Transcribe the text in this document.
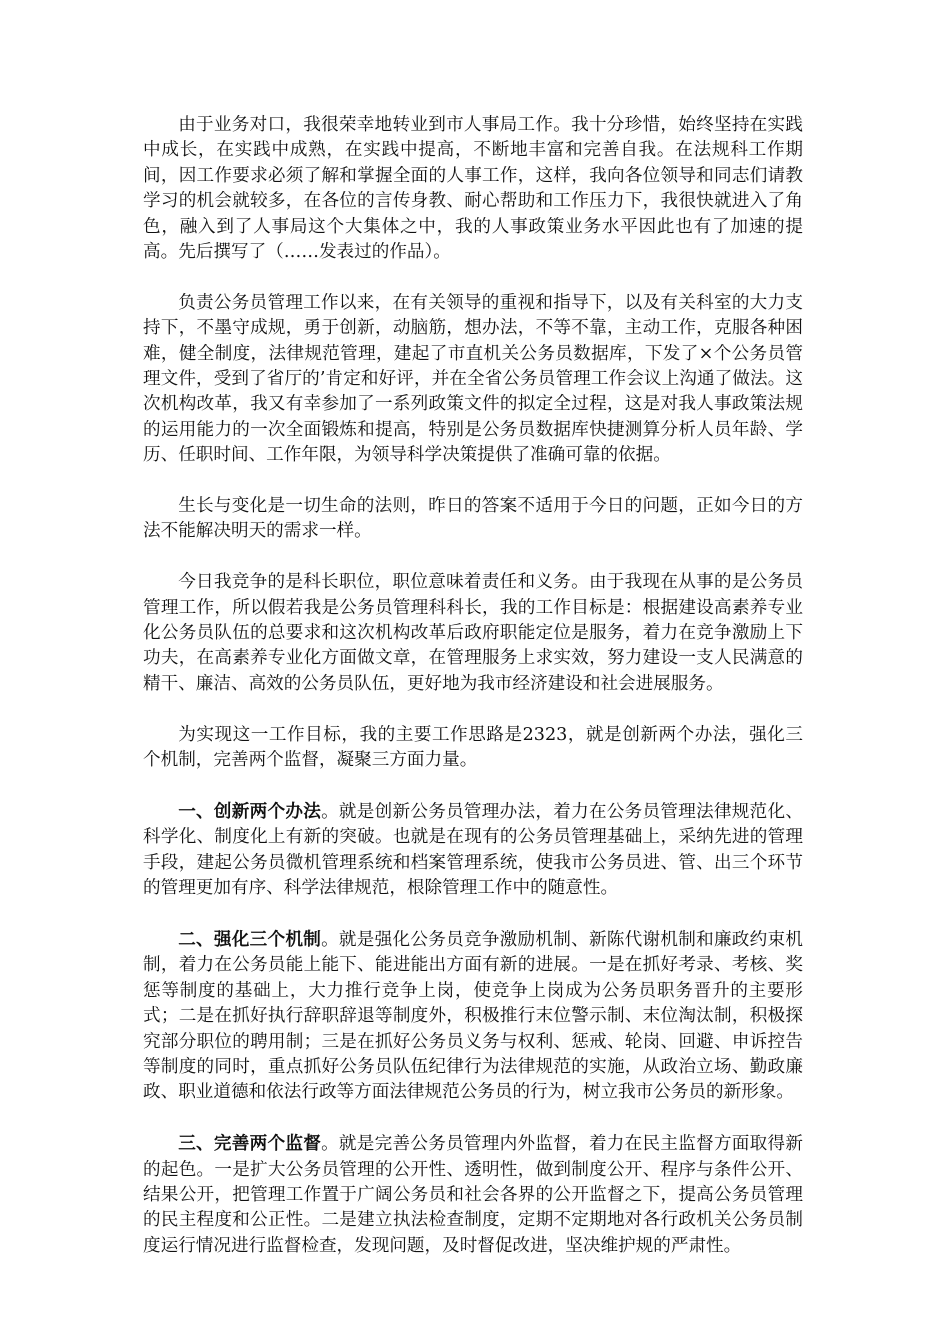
由于业务对口，我很荣幸地转业到市人事局工作。我十分珍惜，始终坚持在实践中成长，在实践中成熟，在实践中提高，不断地丰富和完善自我。在法规科工作期间，因工作要求必须了解和掌握全面的人事工作，这样，我向各位领导和同志们请教学习的机会就较多，在各位的言传身教、耐心帮助和工作压力下，我很快就进入了角色，融入到了人事局这个大集体之中，我的人事政策业务水平因此也有了加速的提高。先后撰写了（……发表过的作品）。

负责公务员管理工作以来，在有关领导的重视和指导下，以及有关科室的大力支持下，不墨守成规，勇于创新，动脑筋，想办法，不等不靠，主动工作，克服各种困难，健全制度，法律规范管理，建起了市直机关公务员数据库，下发了×个公务员管理文件，受到了省厅的’肯定和好评，并在全省公务员管理工作会议上沟通了做法。这次机构改革，我又有幸参加了一系列政策文件的拟定全过程，这是对我人事政策法规的运用能力的一次全面锻炼和提高，特别是公务员数据库快捷测算分析人员年龄、学历、任职时间、工作年限，为领导科学决策提供了准确可靠的依据。

生长与变化是一切生命的法则，昨日的答案不适用于今日的问题，正如今日的方法不能解决明天的需求一样。

今日我竞争的是科长职位，职位意味着责任和义务。由于我现在从事的是公务员管理工作，所以假若我是公务员管理科科长，我的工作目标是：根据建设高素养专业化公务员队伍的总要求和这次机构改革后政府职能定位是服务，着力在竞争激励上下功夫，在高素养专业化方面做文章，在管理服务上求实效，努力建设一支人民满意的精干、廉洁、高效的公务员队伍，更好地为我市经济建设和社会进展服务。

为实现这一工作目标，我的主要工作思路是2323，就是创新两个办法，强化三个机制，完善两个监督，凝聚三方面力量。

一、创新两个办法。就是创新公务员管理办法，着力在公务员管理法律规范化、科学化、制度化上有新的突破。也就是在现有的公务员管理基础上，采纳先进的管理手段，建起公务员微机管理系统和档案管理系统，使我市公务员进、管、出三个环节的管理更加有序、科学法律规范，根除管理工作中的随意性。

二、强化三个机制。就是强化公务员竞争激励机制、新陈代谢机制和廉政约束机制，着力在公务员能上能下、能进能出方面有新的进展。一是在抓好考录、考核、奖惩等制度的基础上，大力推行竞争上岗，使竞争上岗成为公务员职务晋升的主要形式；二是在抓好执行辞职辞退等制度外，积极推行末位警示制、末位淘汰制，积极探究部分职位的聘用制；三是在抓好公务员义务与权利、惩戒、轮岗、回避、申诉控告等制度的同时，重点抓好公务员队伍纪律行为法律规范的实施，从政治立场、勤政廉政、职业道德和依法行政等方面法律规范公务员的行为，树立我市公务员的新形象。

三、完善两个监督。就是完善公务员管理内外监督，着力在民主监督方面取得新的起色。一是扩大公务员管理的公开性、透明性，做到制度公开、程序与条件公开、结果公开，把管理工作置于广阔公务员和社会各界的公开监督之下，提高公务员管理的民主程度和公正性。二是建立执法检查制度，定期不定期地对各行政机关公务员制度运行情况进行监督检查，发现问题，及时督促改进，坚决维护规的严肃性。
